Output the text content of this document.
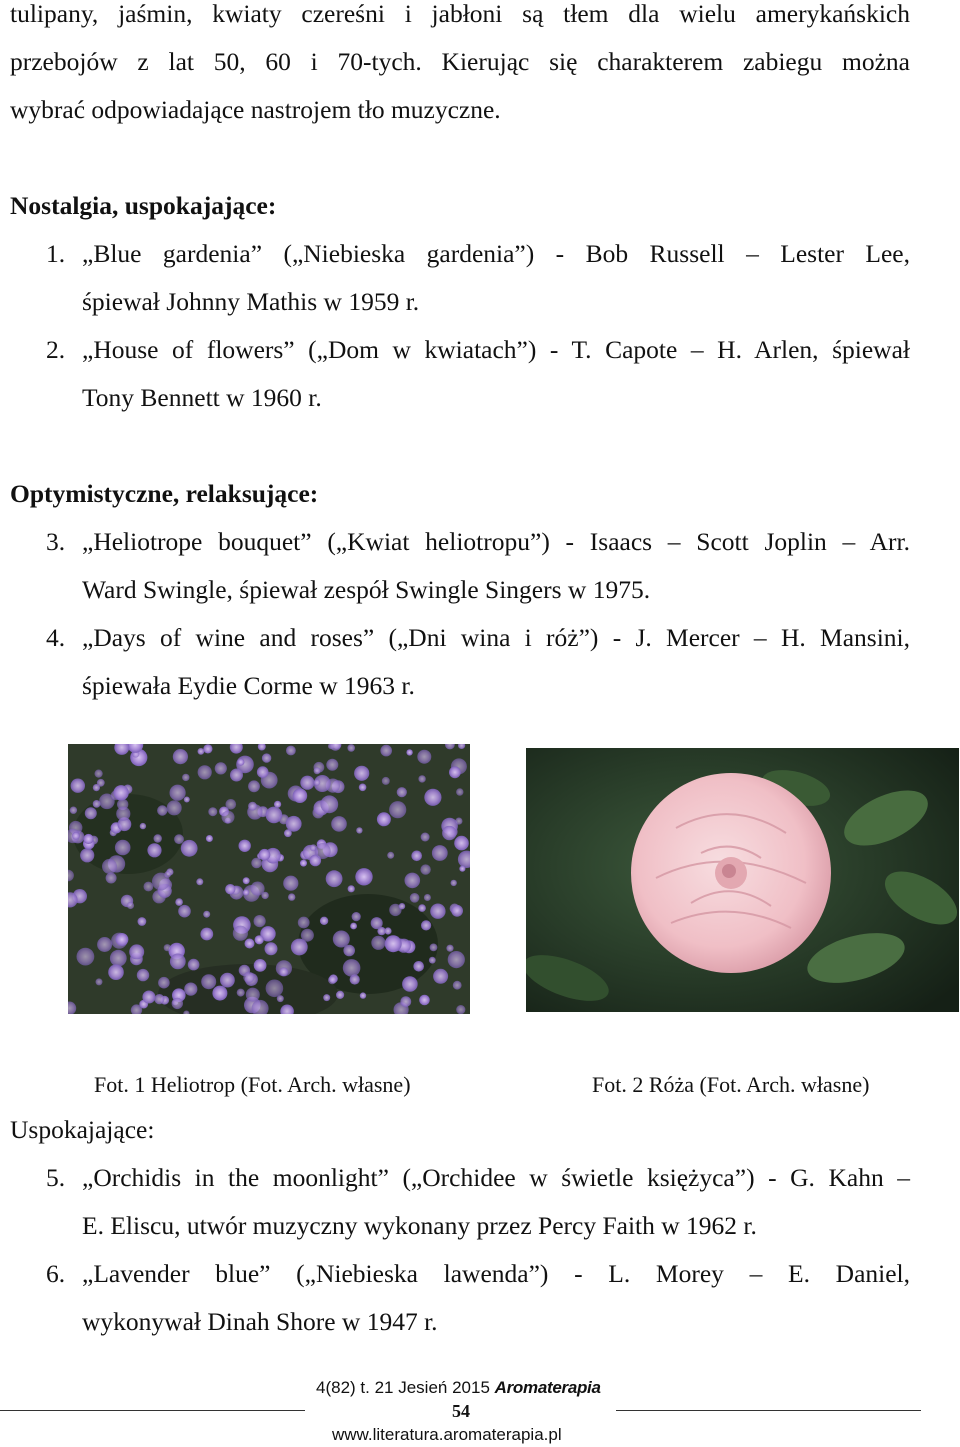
tulipany, jaśmin, kwiaty czereśni i jabłoni są tłem dla wielu amerykańskich
przebojów z lat 50, 60 i 70-tych. Kierując się charakterem zabiegu można
wybrać odpowiadające nastrojem tło muzyczne.
Nostalgia, uspokajające:
1. „Blue gardenia” („Niebieska gardenia”) - Bob Russell – Lester Lee,
śpiewał Johnny Mathis w 1959 r.
2. „House of flowers” („Dom w kwiatach”) - T. Capote – H. Arlen, śpiewał
Tony Bennett w 1960 r.
Optymistyczne, relaksujące:
3. „Heliotrope bouquet” („Kwiat heliotropu”) - Isaacs – Scott Joplin – Arr.
Ward Swingle, śpiewał zespół Swingle Singers w 1975.
4. „Days of wine and roses” („Dni wina i róż”) - J. Mercer – H. Mansini,
śpiewała Eydie Corme w 1963 r.
Fot. 1 Heliotrop (Fot. Arch. własne)	Fot. 2 Róża (Fot. Arch. własne)
Uspokajające:
5. „Orchidis in the moonlight” („Orchidee w świetle księżyca”) - G. Kahn –
E. Eliscu, utwór muzyczny wykonany przez Percy Faith w 1962 r.
6. „Lavender blue” („Niebieska lawenda”) - L. Morey – E. Daniel,
wykonywał Dinah Shore w 1947 r.
4(82) t. 21 Jesień 2015 Aromaterapia
54
www.literatura.aromaterapia.pl
